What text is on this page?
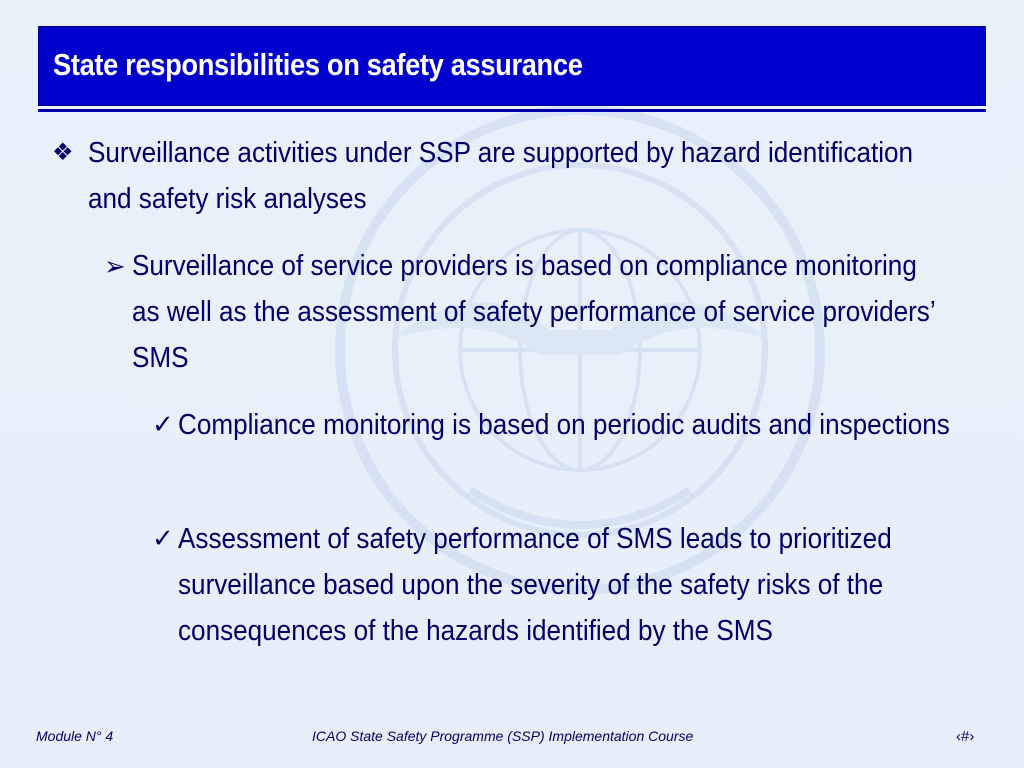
State responsibilities on safety assurance
❖ Surveillance activities under SSP are supported by hazard identification and safety risk analyses
➢ Surveillance of service providers is based on compliance monitoring as well as the assessment of safety performance of service providers’ SMS
✓ Compliance monitoring is based on periodic audits and inspections
✓ Assessment of safety performance of SMS leads to prioritized surveillance based upon the severity of the safety risks of the consequences of the hazards identified by the SMS
Module N° 4	ICAO State Safety Programme (SSP) Implementation Course	‹#›
